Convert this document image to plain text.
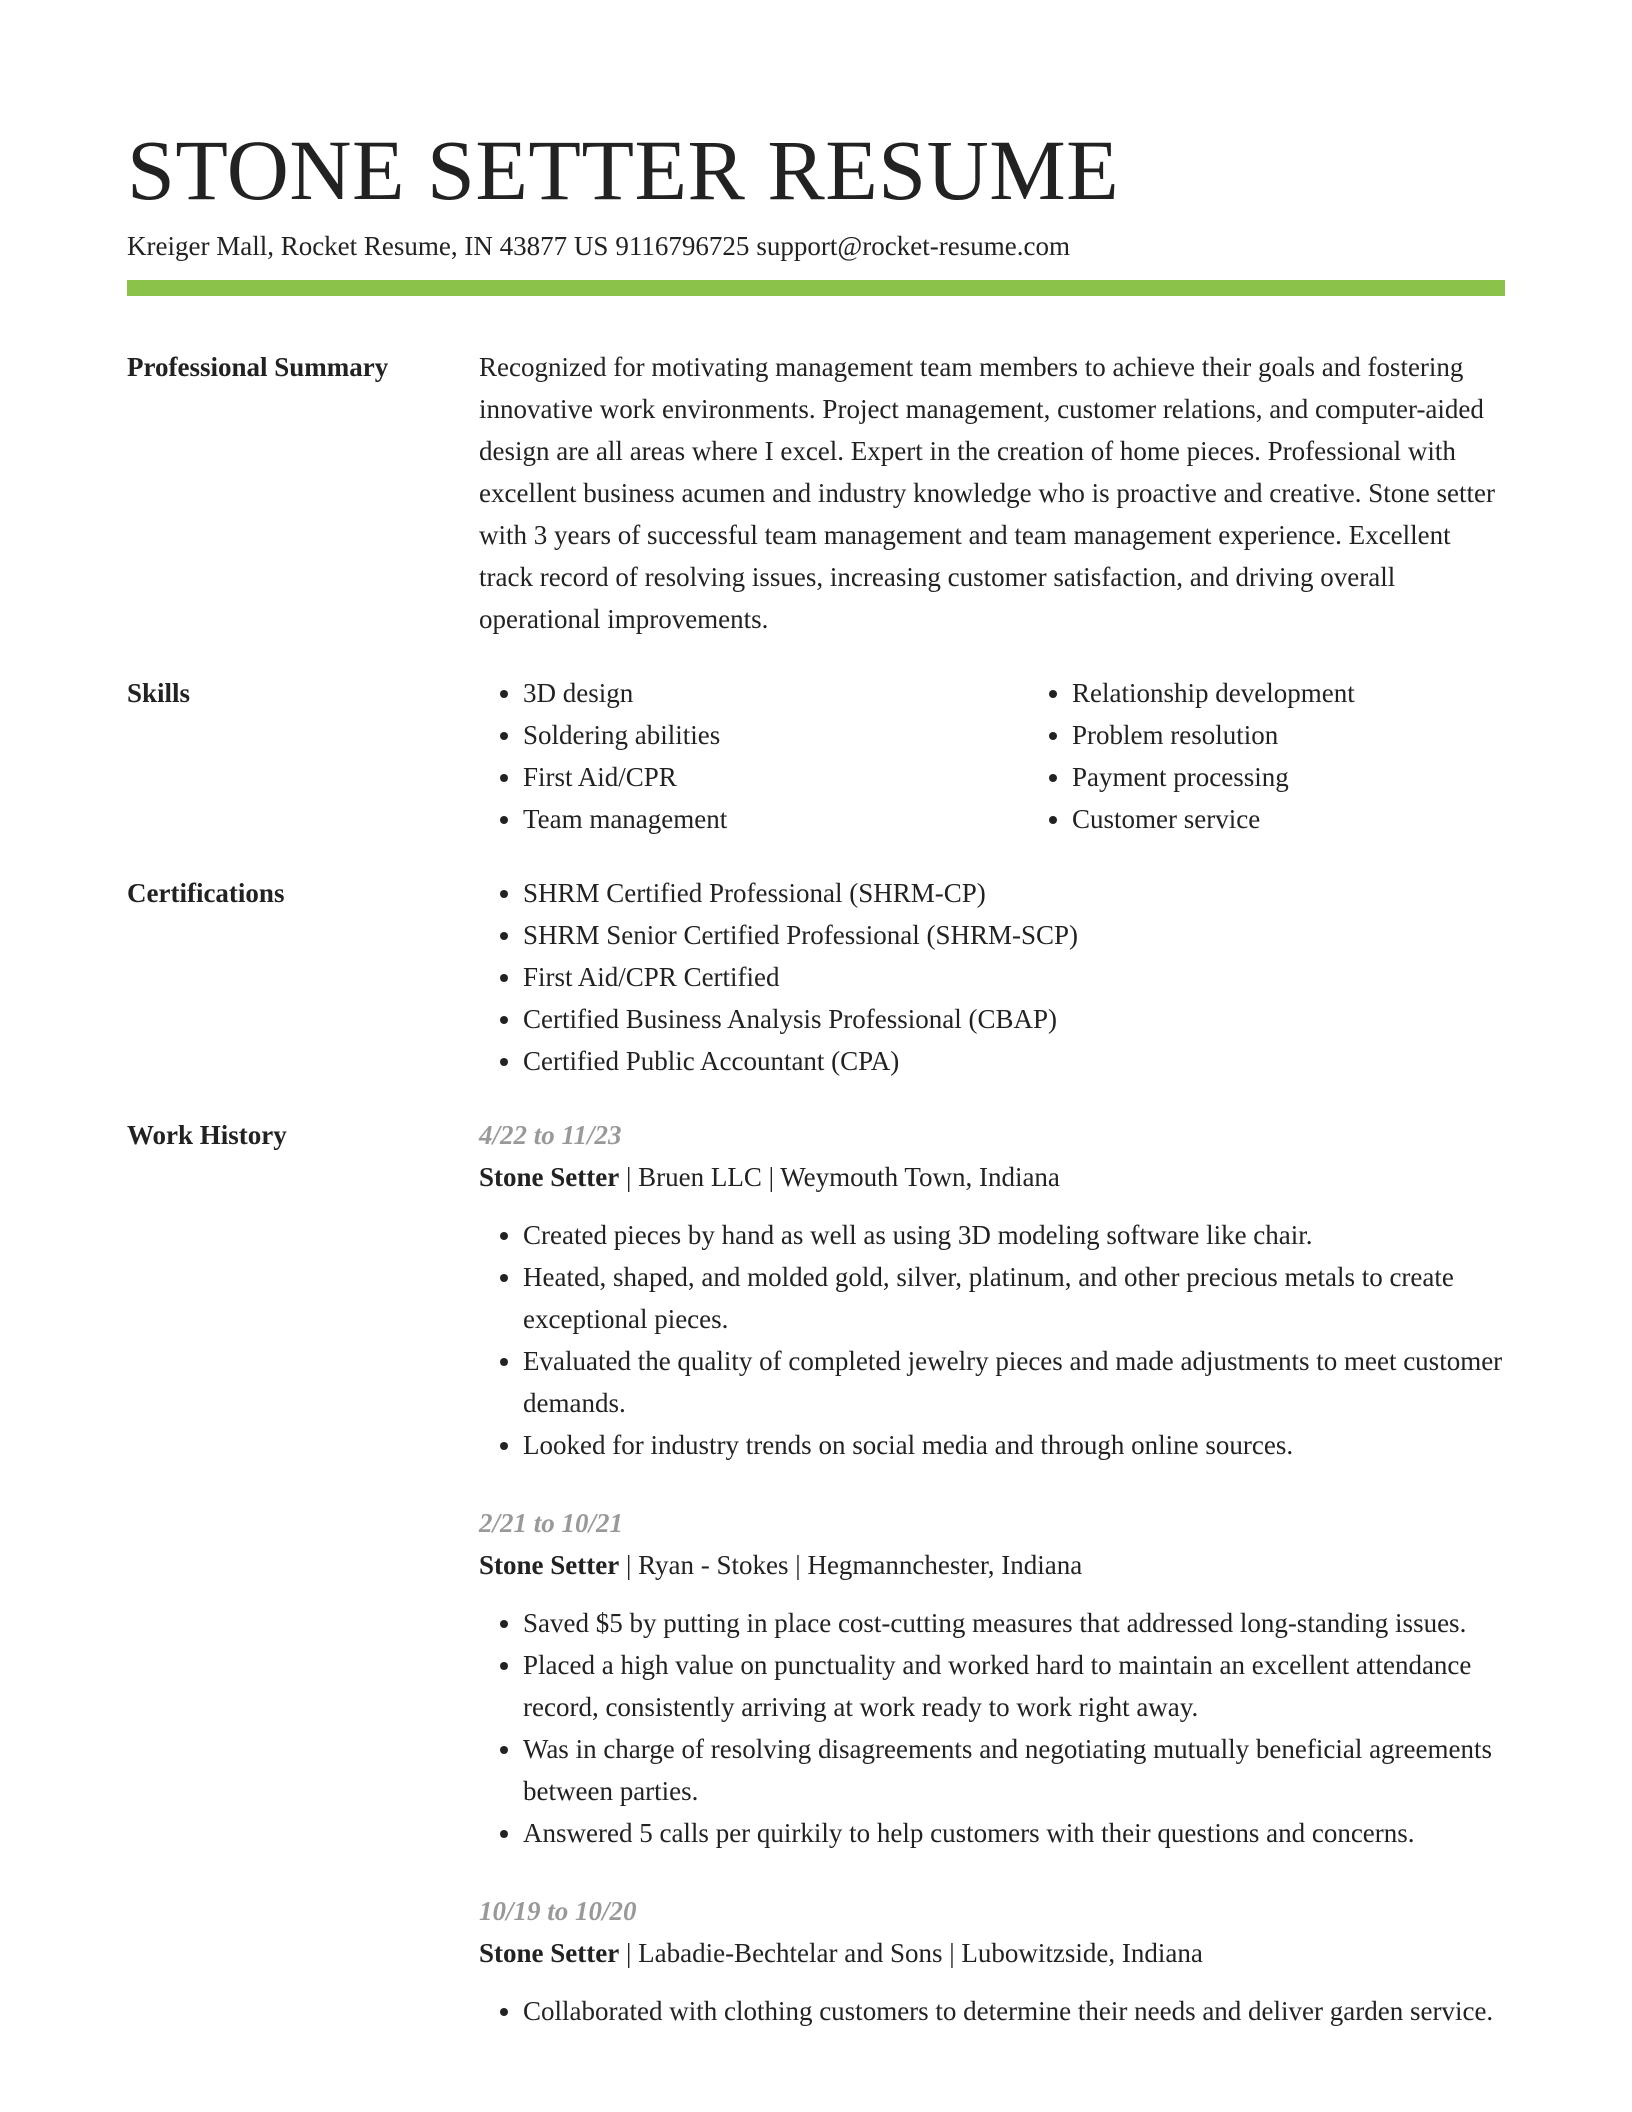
STONE SETTER RESUME
Kreiger Mall, Rocket Resume, IN 43877 US 9116796725 support@rocket-resume.com
Professional Summary	Recognized for motivating management team members to achieve their goals and fostering innovative work environments. Project management, customer relations, and computer-aided design are all areas where I excel. Expert in the creation of home pieces. Professional with excellent business acumen and industry knowledge who is proactive and creative. Stone setter with 3 years of successful team management and team management experience. Excellent track record of resolving issues, increasing customer satisfaction, and driving overall operational improvements.

Skills	• 3D design
• Soldering abilities
• First Aid/CPR
• Team management
• Relationship development
• Problem resolution
• Payment processing
• Customer service
Certifications	• SHRM Certified Professional (SHRM-CP)
• SHRM Senior Certified Professional (SHRM-SCP)
• First Aid/CPR Certified
• Certified Business Analysis Professional (CBAP)
• Certified Public Accountant (CPA)
Work History	4/22 to 11/23
Stone Setter | Bruen LLC | Weymouth Town, Indiana
• Created pieces by hand as well as using 3D modeling software like chair.
• Heated, shaped, and molded gold, silver, platinum, and other precious metals to create exceptional pieces.
• Evaluated the quality of completed jewelry pieces and made adjustments to meet customer demands.
• Looked for industry trends on social media and through online sources.
2/21 to 10/21
Stone Setter | Ryan - Stokes | Hegmannchester, Indiana
• Saved $5 by putting in place cost-cutting measures that addressed long-standing issues.
• Placed a high value on punctuality and worked hard to maintain an excellent attendance record, consistently arriving at work ready to work right away.
• Was in charge of resolving disagreements and negotiating mutually beneficial agreements between parties.
• Answered 5 calls per quirkily to help customers with their questions and concerns.
10/19 to 10/20
Stone Setter | Labadie-Bechtelar and Sons | Lubowitzside, Indiana
• Collaborated with clothing customers to determine their needs and deliver garden service.
